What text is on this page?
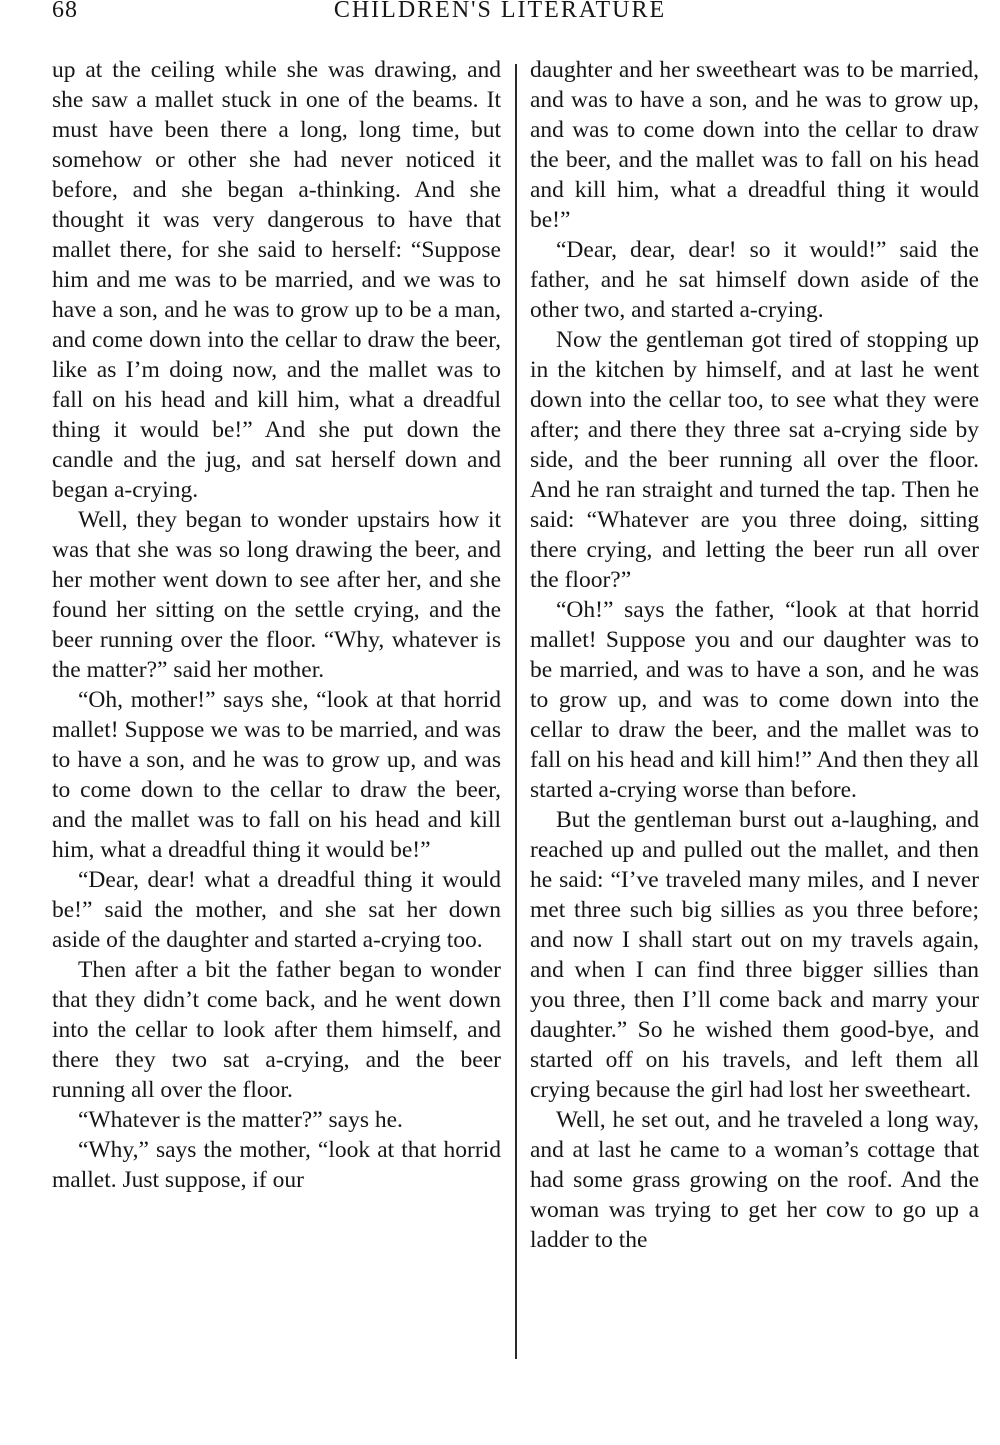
68	CHILDREN'S LITERATURE

up at the ceiling while she was drawing, and she saw a mallet stuck in one of the beams. It must have been there a long, long time, but somehow or other she had never noticed it before, and she began a-thinking. And she thought it was very dangerous to have that mallet there, for she said to herself: “Suppose him and me was to be married, and we was to have a son, and he was to grow up to be a man, and come down into the cellar to draw the beer, like as I’m doing now, and the mallet was to fall on his head and kill him, what a dreadful thing it would be!” And she put down the candle and the jug, and sat herself down and began a-crying.

Well, they began to wonder upstairs how it was that she was so long drawing the beer, and her mother went down to see after her, and she found her sitting on the settle crying, and the beer running over the floor. “Why, whatever is the matter?” said her mother.

“Oh, mother!” says she, “look at that horrid mallet! Suppose we was to be married, and was to have a son, and he was to grow up, and was to come down to the cellar to draw the beer, and the mallet was to fall on his head and kill him, what a dreadful thing it would be!”

“Dear, dear! what a dreadful thing it would be!” said the mother, and she sat her down aside of the daughter and started a-crying too.

Then after a bit the father began to wonder that they didn’t come back, and he went down into the cellar to look after them himself, and there they two sat a-crying, and the beer running all over the floor.

“Whatever is the matter?” says he.

“Why,” says the mother, “look at that horrid mallet. Just suppose, if our

daughter and her sweetheart was to be married, and was to have a son, and he was to grow up, and was to come down into the cellar to draw the beer, and the mallet was to fall on his head and kill him, what a dreadful thing it would be!”

“Dear, dear, dear! so it would!” said the father, and he sat himself down aside of the other two, and started a-crying.

Now the gentleman got tired of stopping up in the kitchen by himself, and at last he went down into the cellar too, to see what they were after; and there they three sat a-crying side by side, and the beer running all over the floor. And he ran straight and turned the tap. Then he said: “Whatever are you three doing, sitting there crying, and letting the beer run all over the floor?”

“Oh!” says the father, “look at that horrid mallet! Suppose you and our daughter was to be married, and was to have a son, and he was to grow up, and was to come down into the cellar to draw the beer, and the mallet was to fall on his head and kill him!” And then they all started a-crying worse than before.

But the gentleman burst out a-laughing, and reached up and pulled out the mallet, and then he said: “I’ve traveled many miles, and I never met three such big sillies as you three before; and now I shall start out on my travels again, and when I can find three bigger sillies than you three, then I’ll come back and marry your daughter.” So he wished them good-bye, and started off on his travels, and left them all crying because the girl had lost her sweetheart.

Well, he set out, and he traveled a long way, and at last he came to a woman’s cottage that had some grass growing on the roof. And the woman was trying to get her cow to go up a ladder to the
